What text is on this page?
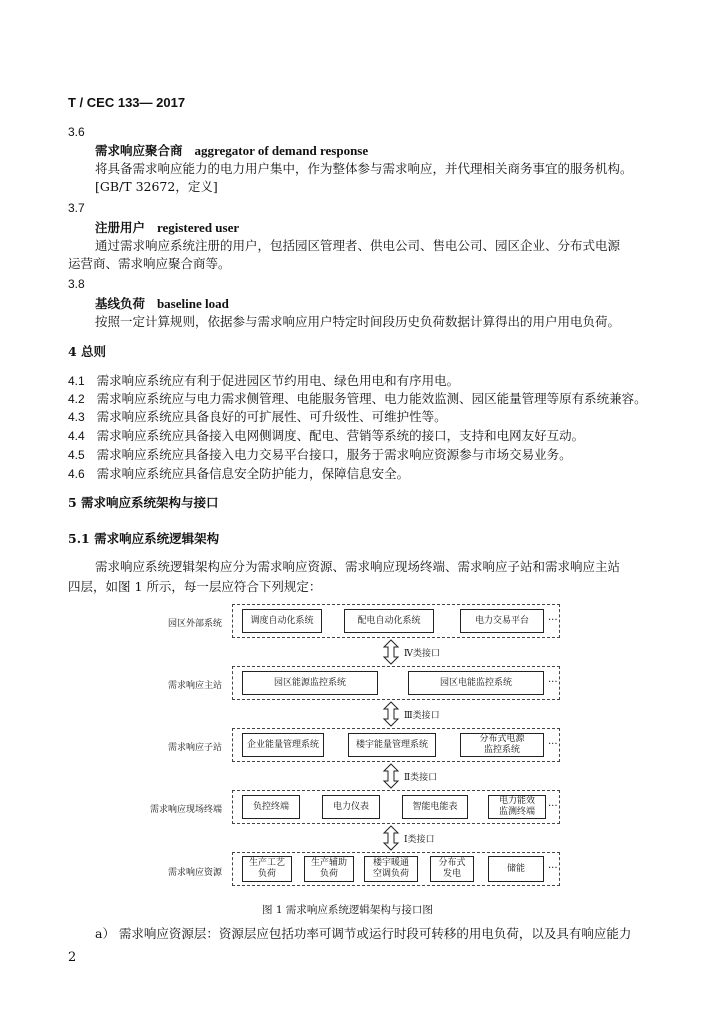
T / CEC 133— 2017
3.6
需求响应聚合商 aggregator of demand response
将具备需求响应能力的电力用户集中，作为整体参与需求响应，并代理相关商务事宜的服务机构。
[GB/T 32672，定义]
3.7
注册用户 registered user
通过需求响应系统注册的用户，包括园区管理者、供电公司、售电公司、园区企业、分布式电源
运营商、需求响应聚合商等。
3.8
基线负荷 baseline load
按照一定计算规则，依据参与需求响应用户特定时间段历史负荷数据计算得出的用户用电负荷。
4 总则
4.1 需求响应系统应有利于促进园区节约用电、绿色用电和有序用电。
4.2 需求响应系统应与电力需求侧管理、电能服务管理、电力能效监测、园区能量管理等原有系统兼容。
4.3 需求响应系统应具备良好的可扩展性、可升级性、可维护性等。
4.4 需求响应系统应具备接入电网侧调度、配电、营销等系统的接口，支持和电网友好互动。
4.5 需求响应系统应具备接入电力交易平台接口，服务于需求响应资源参与市场交易业务。
4.6 需求响应系统应具备信息安全防护能力，保障信息安全。
5 需求响应系统架构与接口
5.1 需求响应系统逻辑架构
需求响应系统逻辑架构应分为需求响应资源、需求响应现场终端、需求响应子站和需求响应主站
四层，如图 1 所示，每一层应符合下列规定：
园区外部系统	调度自动化系统	配电自动化系统	电力交易平台	...
Ⅳ类接口
需求响应主站	园区能源监控系统	园区电能监控系统	...
Ⅲ类接口
需求响应子站	企业能量管理系统	楼宇能量管理系统
分布式电源
监控系统
...
Ⅱ类接口
需求响应现场终端	负控终端	电力仪表	智能电能表
电力能效
监测终端
...
Ⅰ类接口
需求响应资源
生产工艺
负荷
生产辅助
负荷
楼宇暖通
空调负荷
分布式
发电
储能	...
图 1 需求响应系统逻辑架构与接口图
a） 需求响应资源层：资源层应包括功率可调节或运行时段可转移的用电负荷，以及具有响应能力
2
